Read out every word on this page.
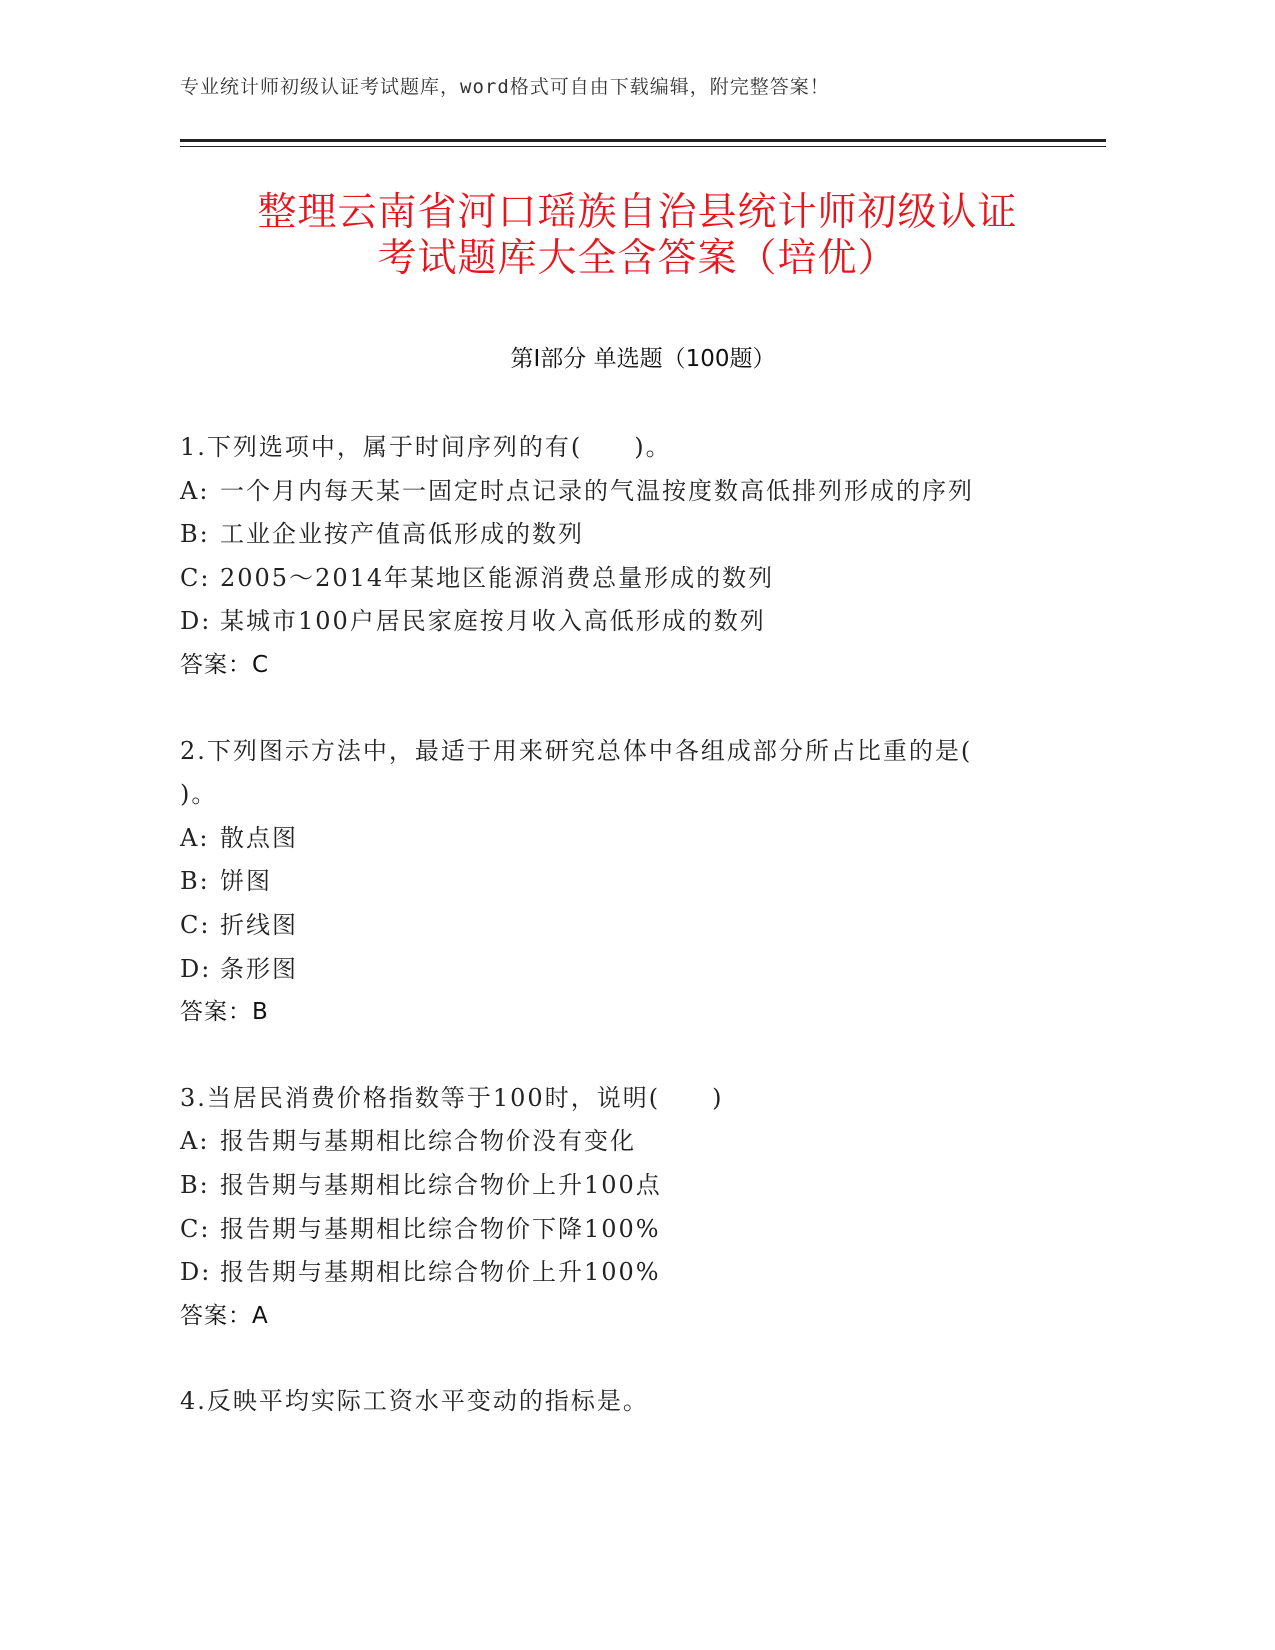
专业统计师初级认证考试题库，word格式可自由下载编辑，附完整答案！
整理云南省河口瑶族自治县统计师初级认证
考试题库大全含答案（培优）
第Ⅰ部分 单选题（100题）
1.下列选项中，属于时间序列的有(　　)。
A: 一个月内每天某一固定时点记录的气温按度数高低排列形成的序列
B: 工业企业按产值高低形成的数列
C: 2005～2014年某地区能源消费总量形成的数列
D: 某城市100户居民家庭按月收入高低形成的数列
答案：C
2.下列图示方法中，最适于用来研究总体中各组成部分所占比重的是(
)。
A: 散点图
B: 饼图
C: 折线图
D: 条形图
答案：B
3.当居民消费价格指数等于100时，说明(　　)
A: 报告期与基期相比综合物价没有变化
B: 报告期与基期相比综合物价上升100点
C: 报告期与基期相比综合物价下降100%
D: 报告期与基期相比综合物价上升100%
答案：A
4.反映平均实际工资水平变动的指标是。
